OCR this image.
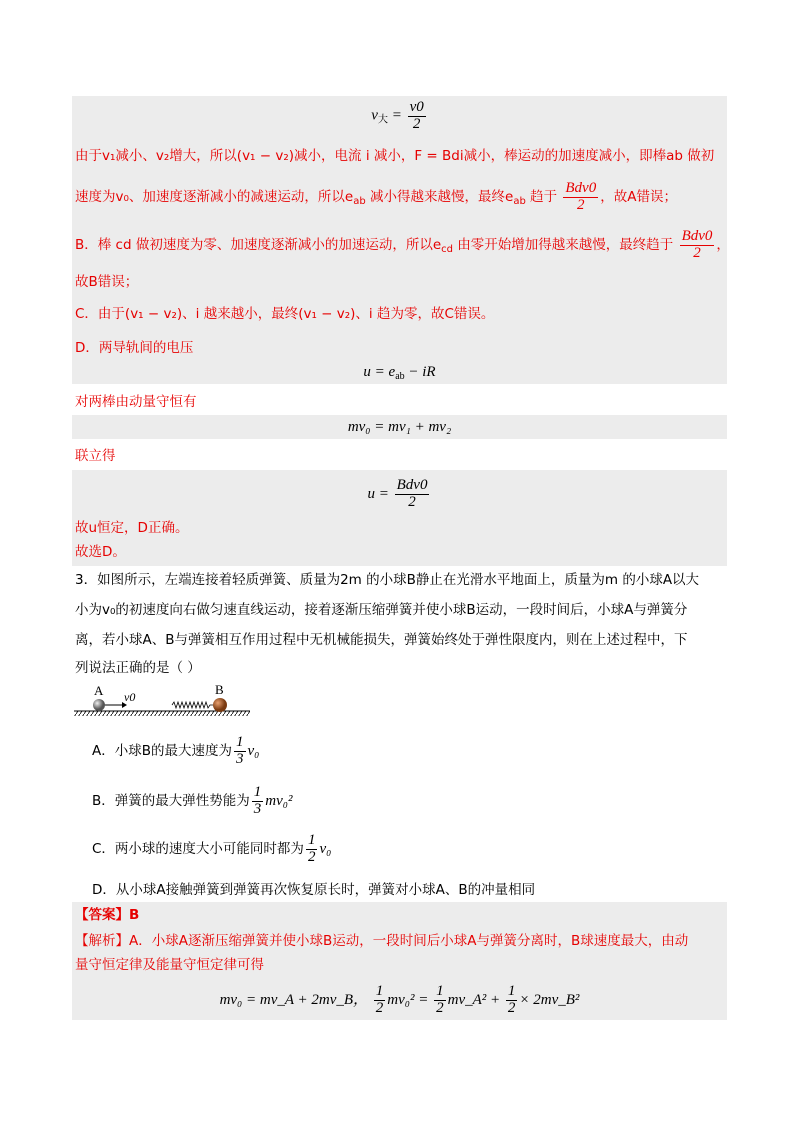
$v_大 = \frac{v0}{2}$
由于v₁减小、v₂增大，所以(v₁ − v₂)减小，电流 i 减小，F = Bdi减小，棒运动的加速度减小，即棒ab 做初
速度为v₀、加速度逐渐减小的减速运动，所以$e_{ab}$ 减小得越来越慢，最终$e_{ab}$ 趋于 $\frac{\text{Bdv0}}{2}$ ，故A错误；
B．棒 cd 做初速度为零、加速度逐渐减小的加速运动，所以$e_{cd}$ 由零开始增加得越来越慢，最终趋于 $\frac{\text{Bdv0}}{2}$ ，
故B错误；
C．由于(v₁ − v₂)、i 越来越小，最终(v₁ − v₂)、i 趋为零，故C错误。
D．两导轨间的电压
$u = e_{ab}$ − iR
对两棒由动量守恒有
mv₀ = mv₁ + mv₂
联立得
$u = \frac{\text{Bdv0}}{2}$
故u恒定，D正确。
故选D。
3．如图所示，左端连接着轻质弹簧、质量为2m 的小球B静止在光滑水平地面上，质量为m 的小球A以大
小为v₀的初速度向右做匀速直线运动，接着逐渐压缩弹簧并使小球B运动，一段时间后，小球A与弹簧分
离，若小球A、B与弹簧相互作用过程中无机械能损失，弹簧始终处于弹性限度内，则在上述过程中，下
列说法正确的是（ ）
A v0	B
A．小球B的最大速度为 $\frac{1}{3} v_0$
B．弹簧的最大弹性势能为 $\frac{1}{3} mv_0^2$
C．两小球的速度大小可能同时都为 $\frac{1}{2} v_0$
D．从小球A接触弹簧到弹簧再次恢复原长时，弹簧对小球A、B的冲量相同
【答案】B
【解析】A．小球A逐渐压缩弹簧并使小球B运动，一段时间后小球A与弹簧分离时，B球速度最大，由动
量守恒定律及能量守恒定律可得
mv₀ = mv_A + 2mv_B， $\frac{1}{2} mv_0^2 = \frac{1}{2}$ mv_A² + $\frac{1}{2}$ × 2mv_B²
